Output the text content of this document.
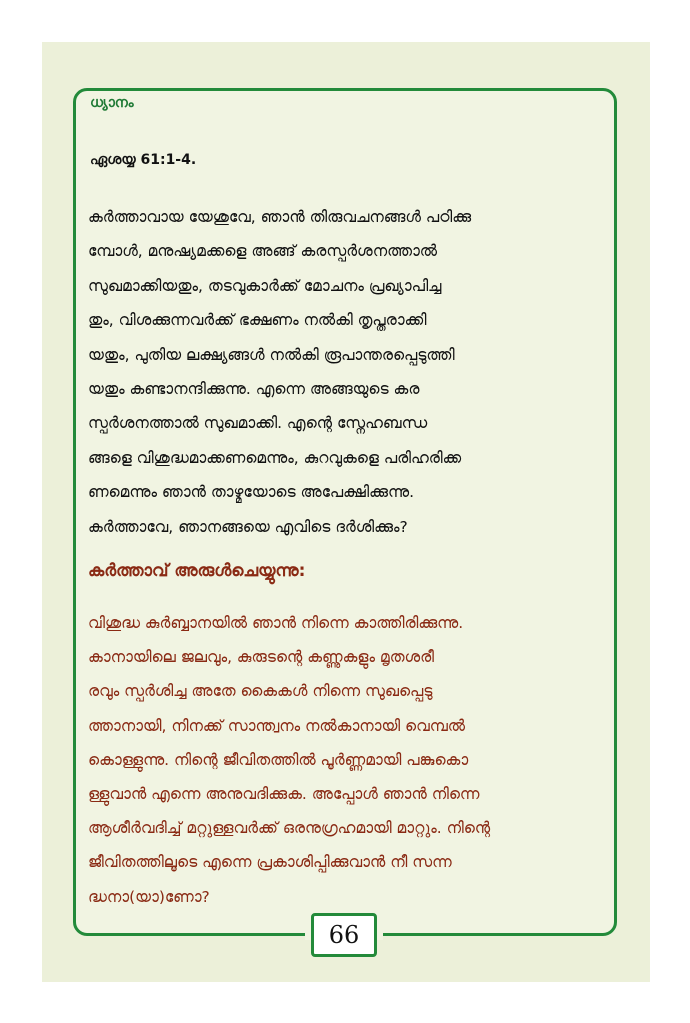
ധ്യാനം
ഏശയ്യ 61:1-4.
കർത്താവായ യേശുവേ, ഞാൻ തിരുവചനങ്ങൾ പഠിക്കു
മ്പോൾ, മനുഷ്യമക്കളെ അങ്ങ് കരസ്പർശനത്താൽ
സുഖമാക്കിയതും, തടവുകാർക്ക് മോചനം പ്രഖ്യാപിച്ച
തും, വിശക്കുന്നവർക്ക് ഭക്ഷണം നൽകി തൃപ്തരാക്കി
യതും, പുതിയ ലക്ഷ്യങ്ങൾ നൽകി രൂപാന്തരപ്പെടുത്തി
യതും കണ്ടാനന്ദിക്കുന്നു. എന്നെ അങ്ങയുടെ കര
സ്പർശനത്താൽ സുഖമാക്കി. എന്റെ സ്നേഹബന്ധ
ങ്ങളെ വിശുദ്ധമാക്കണമെന്നും, കുറവുകളെ പരിഹരിക്ക
ണമെന്നും ഞാൻ താഴ്മയോടെ അപേക്ഷിക്കുന്നു.
കർത്താവേ, ഞാനങ്ങയെ എവിടെ ദർശിക്കും?
കർത്താവ് അരുൾചെയ്യുന്നു:
വിശുദ്ധ കുർബ്ബാനയിൽ ഞാൻ നിന്നെ കാത്തിരിക്കുന്നു.
കാനായിലെ ജലവും, കുരുടന്റെ കണ്ണുകളും മൃതശരീ
രവും സ്പർശിച്ച അതേ കൈകൾ നിന്നെ സുഖപ്പെടു
ത്താനായി, നിനക്ക് സാന്ത്വനം നൽകാനായി വെമ്പൽ
കൊള്ളുന്നു. നിന്റെ ജീവിതത്തിൽ പൂർണ്ണമായി പങ്കുകൊ
ള്ളുവാൻ എന്നെ അനുവദിക്കുക. അപ്പോൾ ഞാൻ നിന്നെ
ആശീർവദിച്ച് മറ്റുള്ളവർക്ക് ഒരനുഗ്രഹമായി മാറ്റും. നിന്റെ
ജീവിതത്തിലൂടെ എന്നെ പ്രകാശിപ്പിക്കുവാൻ നീ സന്ന
ദ്ധനാ(യാ)ണോ?
66
